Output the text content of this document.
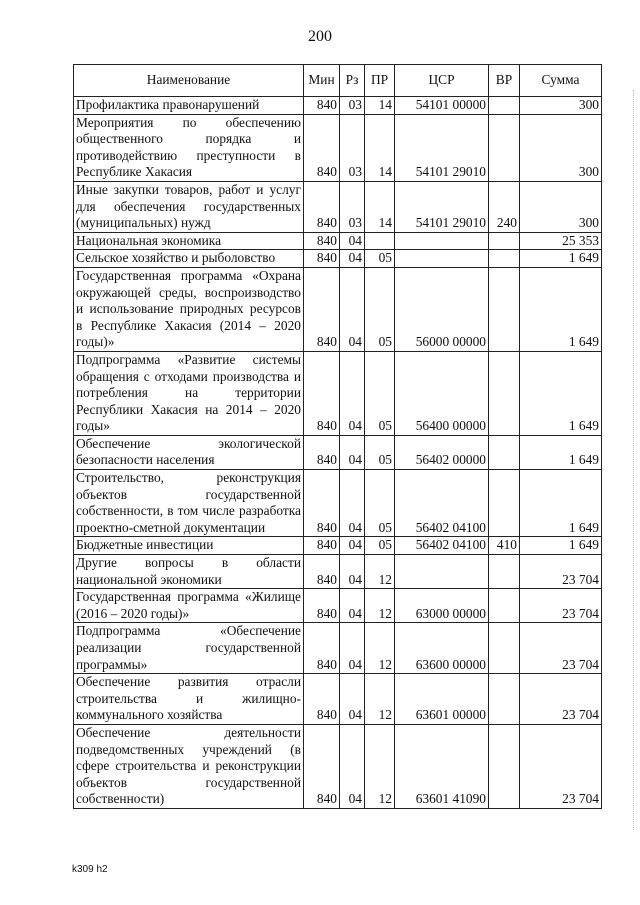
200
Наименование	Мин	Рз	ПР	ЦСР	ВР	Сумма
Профилактика правонарушений	840	03	14	54101 00000		300
Мероприятия по обеспечению общественного порядка и противодействию преступности в Республике Хакасия	840	03	14	54101 29010		300
Иные закупки товаров, работ и услуг для обеспечения государственных (муниципальных) нужд	840	03	14	54101 29010	240	300
Национальная экономика	840	04				25 353
Сельское хозяйство и рыболовство	840	04	05			1 649
Государственная программа «Охрана окружающей среды, воспроизводство и использование природных ресурсов в Республике Хакасия (2014 – 2020 годы)»	840	04	05	56000 00000		1 649
Подпрограмма «Развитие системы обращения с отходами производства и потребления на территории Республики Хакасия на 2014 – 2020 годы»	840	04	05	56400 00000		1 649
Обеспечение экологической безопасности населения	840	04	05	56402 00000		1 649
Строительство, реконструкция объектов государственной собственности, в том числе разработка проектно-сметной документации	840	04	05	56402 04100		1 649
Бюджетные инвестиции	840	04	05	56402 04100	410	1 649
Другие вопросы в области национальной экономики	840	04	12			23 704
Государственная программа «Жилище (2016 – 2020 годы)»	840	04	12	63000 00000		23 704
Подпрограмма «Обеспечение реализации государственной программы»	840	04	12	63600 00000		23 704
Обеспечение развития отрасли строительства и жилищно-коммунального хозяйства	840	04	12	63601 00000		23 704
Обеспечение деятельности подведомственных учреждений (в сфере строительства и реконструкции объектов государственной собственности)	840	04	12	63601 41090		23 704
k309 h2
